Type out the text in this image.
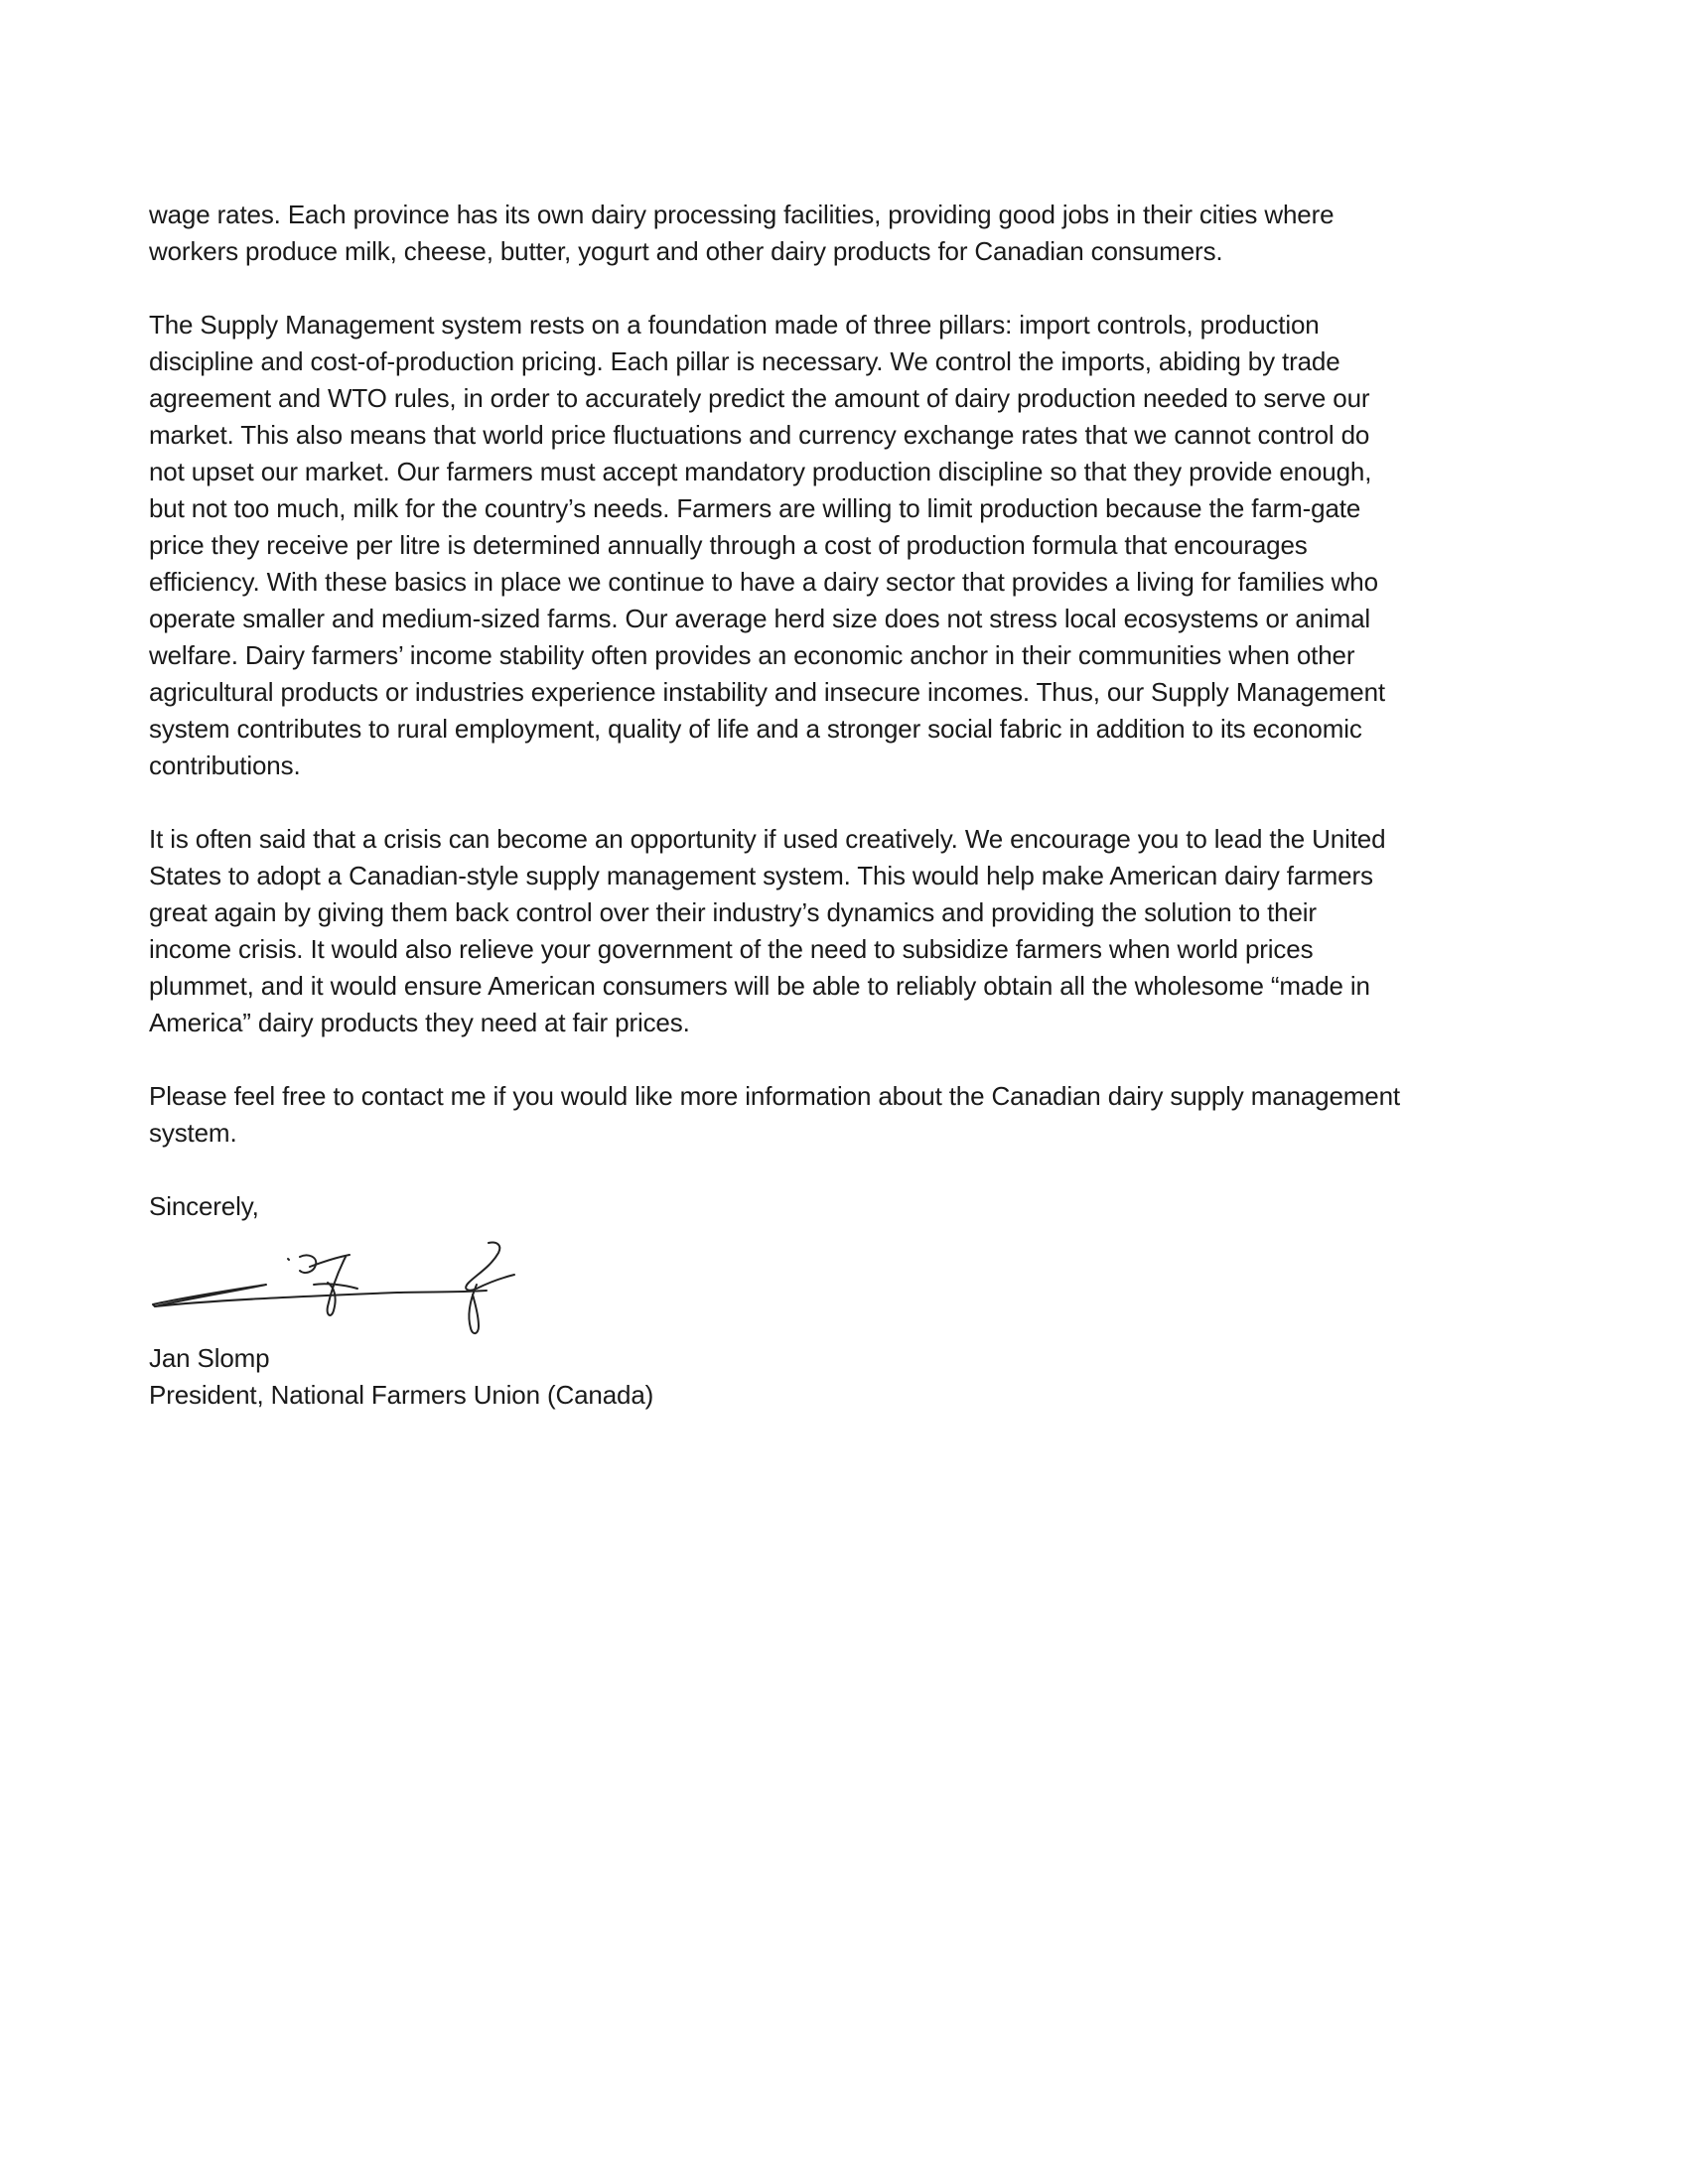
wage rates. Each province has its own dairy processing facilities, providing good jobs in their cities where
workers produce milk, cheese, butter, yogurt and other dairy products for Canadian consumers.

The Supply Management system rests on a foundation made of three pillars: import controls, production
discipline and cost-of-production pricing. Each pillar is necessary. We control the imports, abiding by trade
agreement and WTO rules, in order to accurately predict the amount of dairy production needed to serve our
market. This also means that world price fluctuations and currency exchange rates that we cannot control do
not upset our market. Our farmers must accept mandatory production discipline so that they provide enough,
but not too much, milk for the country’s needs. Farmers are willing to limit production because the farm-gate
price they receive per litre is determined annually through a cost of production formula that encourages
efficiency. With these basics in place we continue to have a dairy sector that provides a living for families who
operate smaller and medium-sized farms. Our average herd size does not stress local ecosystems or animal
welfare. Dairy farmers’ income stability often provides an economic anchor in their communities when other
agricultural products or industries experience instability and insecure incomes. Thus, our Supply Management
system contributes to rural employment, quality of life and a stronger social fabric in addition to its economic
contributions.

It is often said that a crisis can become an opportunity if used creatively. We encourage you to lead the United
States to adopt a Canadian-style supply management system. This would help make American dairy farmers
great again by giving them back control over their industry’s dynamics and providing the solution to their
income crisis. It would also relieve your government of the need to subsidize farmers when world prices
plummet, and it would ensure American consumers will be able to reliably obtain all the wholesome “made in
America” dairy products they need at fair prices.

Please feel free to contact me if you would like more information about the Canadian dairy supply management
system.

Sincerely,

Jan Slomp
President, National Farmers Union (Canada)
